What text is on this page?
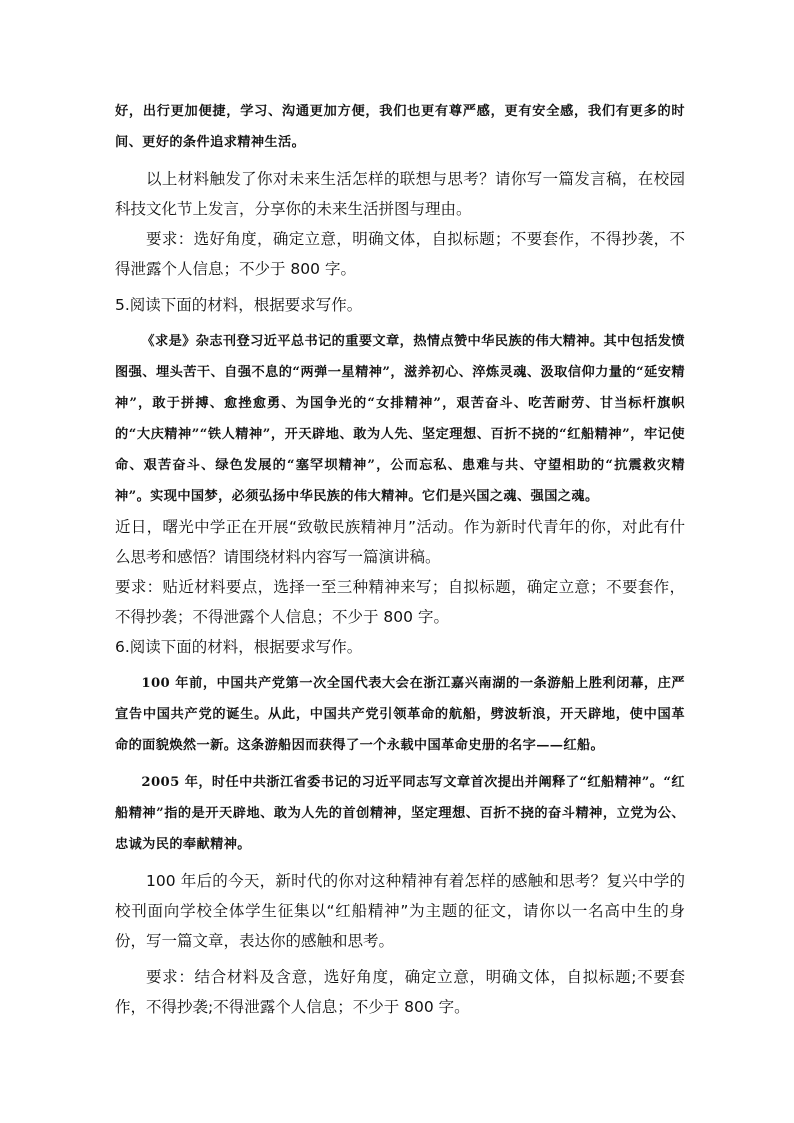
好，出行更加便捷，学习、沟通更加方便，我们也更有尊严感，更有安全感，我们有更多的时间、更好的条件追求精神生活。

以上材料触发了你对未来生活怎样的联想与思考？请你写一篇发言稿，在校园科技文化节上发言，分享你的未来生活拼图与理由。

要求：选好角度，确定立意，明确文体，自拟标题；不要套作，不得抄袭，不得泄露个人信息；不少于 800 字。

5.阅读下面的材料，根据要求写作。

《求是》杂志刊登习近平总书记的重要文章，热情点赞中华民族的伟大精神。其中包括发愤图强、埋头苦干、自强不息的“两弹一星精神”，滋养初心、淬炼灵魂、汲取信仰力量的“延安精神”，敢于拼搏、愈挫愈勇、为国争光的“女排精神”，艰苦奋斗、吃苦耐劳、甘当标杆旗帜的“大庆精神”“铁人精神”，开天辟地、敢为人先、坚定理想、百折不挠的“红船精神”，牢记使命、艰苦奋斗、绿色发展的“塞罕坝精神”，公而忘私、患难与共、守望相助的“抗震救灾精神”。实现中国梦，必须弘扬中华民族的伟大精神。它们是兴国之魂、强国之魂。

近日，曙光中学正在开展“致敬民族精神月”活动。作为新时代青年的你，对此有什么思考和感悟？请围绕材料内容写一篇演讲稿。

要求：贴近材料要点，选择一至三种精神来写；自拟标题，确定立意；不要套作，不得抄袭；不得泄露个人信息；不少于 800 字。

6.阅读下面的材料，根据要求写作。

100 年前，中国共产党第一次全国代表大会在浙江嘉兴南湖的一条游船上胜利闭幕，庄严宣告中国共产党的诞生。从此，中国共产党引领革命的航船，劈波斩浪，开天辟地，使中国革命的面貌焕然一新。这条游船因而获得了一个永载中国革命史册的名字——红船。

2005 年，时任中共浙江省委书记的习近平同志写文章首次提出并阐释了“红船精神”。“红船精神”指的是开天辟地、敢为人先的首创精神，坚定理想、百折不挠的奋斗精神，立党为公、忠诚为民的奉献精神。

100 年后的今天，新时代的你对这种精神有着怎样的感触和思考？复兴中学的校刊面向学校全体学生征集以“红船精神”为主题的征文，请你以一名高中生的身份，写一篇文章，表达你的感触和思考。

要求：结合材料及含意，选好角度，确定立意，明确文体，自拟标题;不要套作，不得抄袭;不得泄露个人信息；不少于 800 字。
